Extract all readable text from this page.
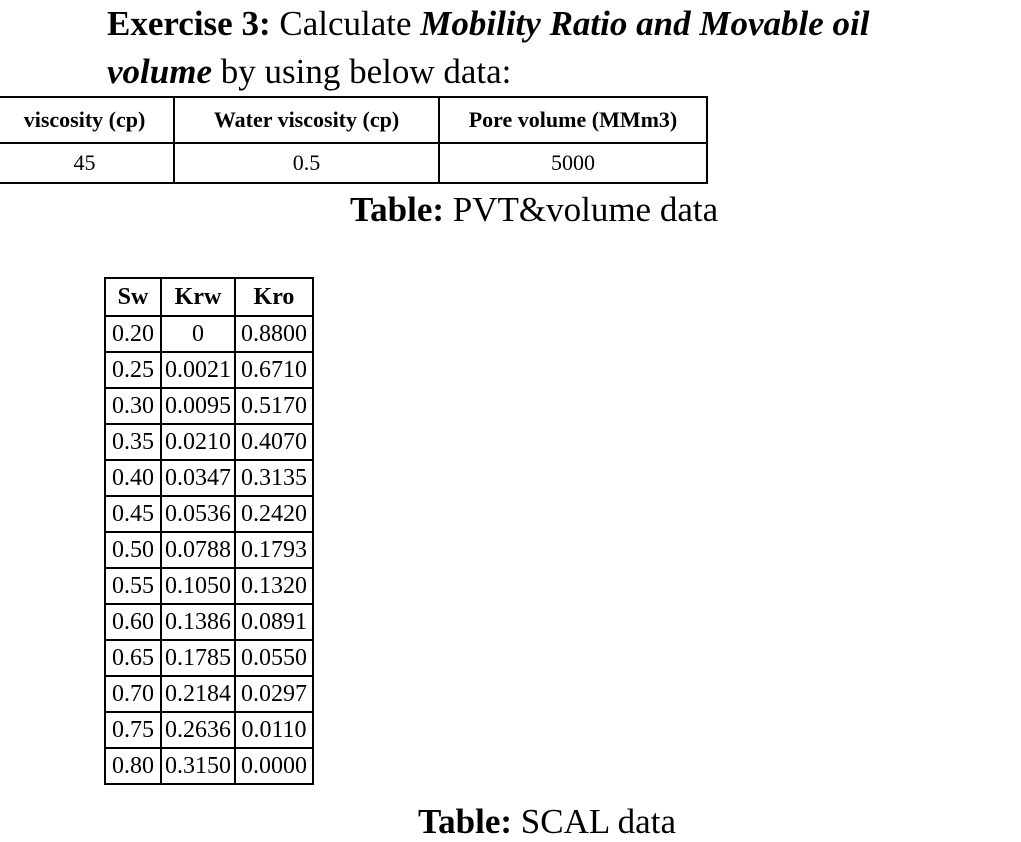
Exercise 3: Calculate Mobility Ratio and Movable oil
volume by using below data:
viscosity (cp)	Water viscosity (cp)	Pore volume (MMm3)
45	0.5	5000
Table: PVT&volume data
Sw	Krw	Kro
0.20	0	0.8800
0.25	0.0021	0.6710
0.30	0.0095	0.5170
0.35	0.0210	0.4070
0.40	0.0347	0.3135
0.45	0.0536	0.2420
0.50	0.0788	0.1793
0.55	0.1050	0.1320
0.60	0.1386	0.0891
0.65	0.1785	0.0550
0.70	0.2184	0.0297
0.75	0.2636	0.0110
0.80	0.3150	0.0000
Table: SCAL data
